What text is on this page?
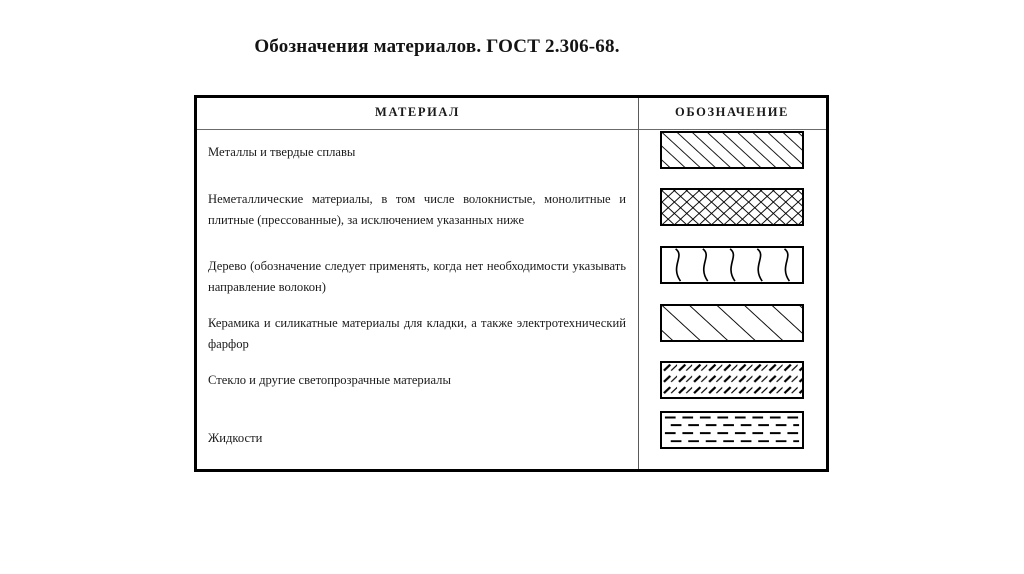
Обозначения материалов. ГОСТ 2.306-68.
МАТЕРИАЛ	ОБОЗНАЧЕНИЕ
Металлы и твердые сплавы
Неметаллические материалы, в том числе волокнистые, монолитные и плитные (прессованные), за исключением указанных ниже
Дерево (обозначение следует применять, когда нет необходимости указывать направление волокон)
Керамика и силикатные материалы для кладки, а также электротехнический фарфор
Стекло и другие светопрозрачные материалы
Жидкости
